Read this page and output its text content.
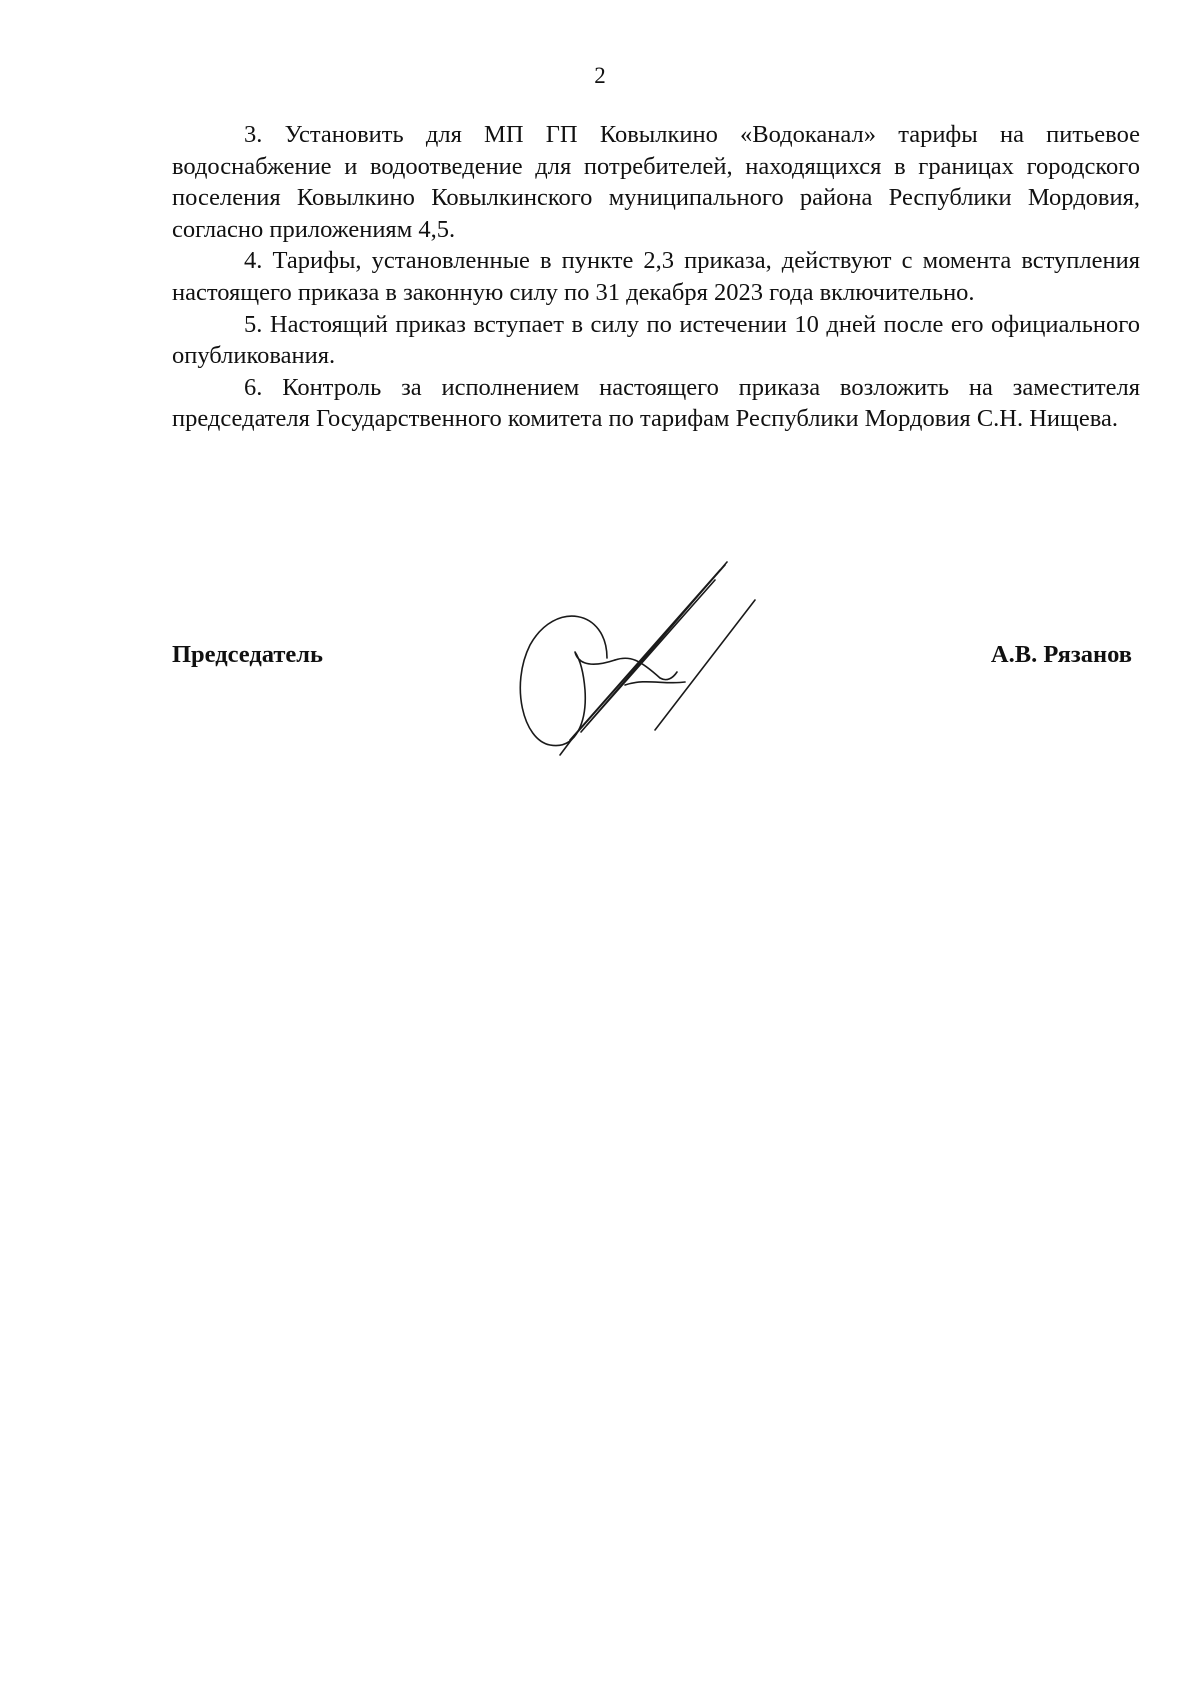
2

3. Установить для МП ГП Ковылкино «Водоканал» тарифы на питьевое водоснабжение и водоотведение для потребителей, находящихся в границах городского поселения Ковылкино Ковылкинского муниципального района Республики Мордовия, согласно приложениям 4,5.

4. Тарифы, установленные в пункте 2,3 приказа, действуют с момента вступления настоящего приказа в законную силу по 31 декабря 2023 года включительно.

5. Настоящий приказ вступает в силу по истечении 10 дней после его официального опубликования.

6. Контроль за исполнением настоящего приказа возложить на заместителя председателя Государственного комитета по тарифам Республики Мордовия С.Н. Нищева.

Председатель	А.В. Рязанов
